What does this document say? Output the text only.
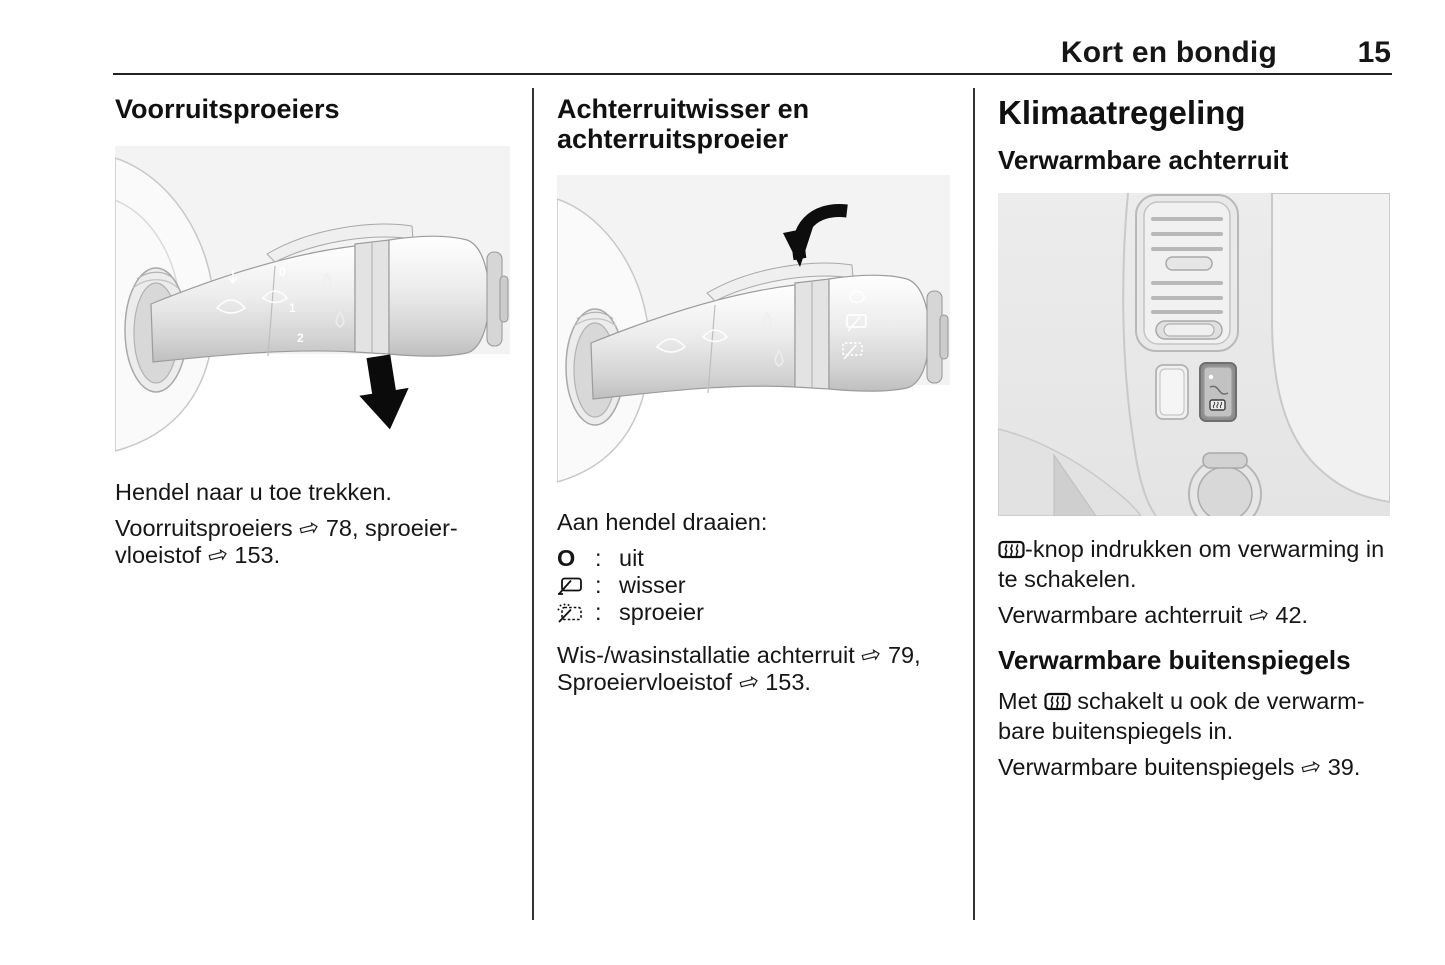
Kort en bondig	15
Voorruitsproeiers
0
1
2

Hendel naar u toe trekken.

Voorruitsproeiers ⇨ 78, sproeier-
vloeistof ⇨ 153.

Achterruitwisser en
achterruitsproeier

Aan hendel draaien:

O : uit
: wisser
: sproeier

Wis-/wasinstallatie achterruit ⇨ 79,
Sproeiervloeistof ⇨ 153.

Klimaatregeling
Verwarmbare achterruit

-knop indrukken om verwarming in
te schakelen.

Verwarmbare achterruit ⇨ 42.

Verwarmbare buitenspiegels

Met schakelt u ook de verwarm-
bare buitenspiegels in.

Verwarmbare buitenspiegels ⇨ 39.
